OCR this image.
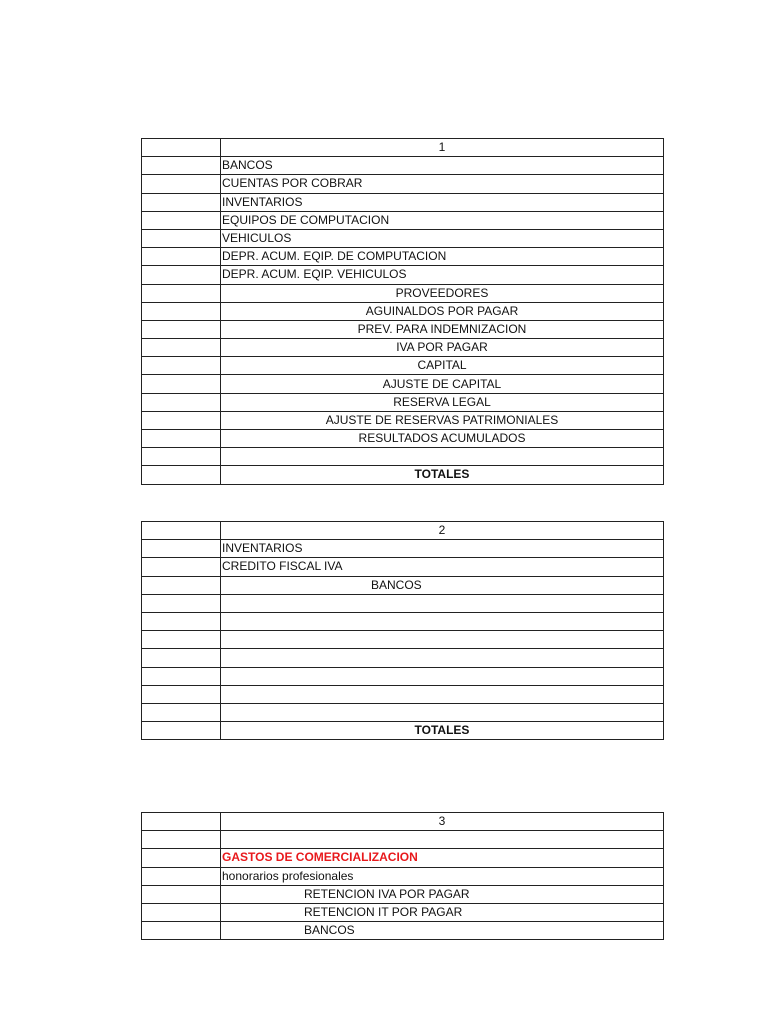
	1
	BANCOS
	CUENTAS POR COBRAR
	INVENTARIOS
	EQUIPOS DE COMPUTACION
	VEHICULOS
	DEPR. ACUM. EQIP. DE COMPUTACION
	DEPR. ACUM. EQIP. VEHICULOS
	PROVEEDORES
	AGUINALDOS POR PAGAR
	PREV. PARA INDEMNIZACION
	IVA POR PAGAR
	CAPITAL
	AJUSTE DE CAPITAL
	RESERVA LEGAL
	AJUSTE DE RESERVAS PATRIMONIALES
	RESULTADOS ACUMULADOS

	TOTALES
	2
	INVENTARIOS
	CREDITO FISCAL IVA
	BANCOS

	TOTALES
	3

	GASTOS DE COMERCIALIZACION
	honorarios profesionales
	RETENCION IVA POR PAGAR
	RETENCION IT POR PAGAR
	BANCOS
